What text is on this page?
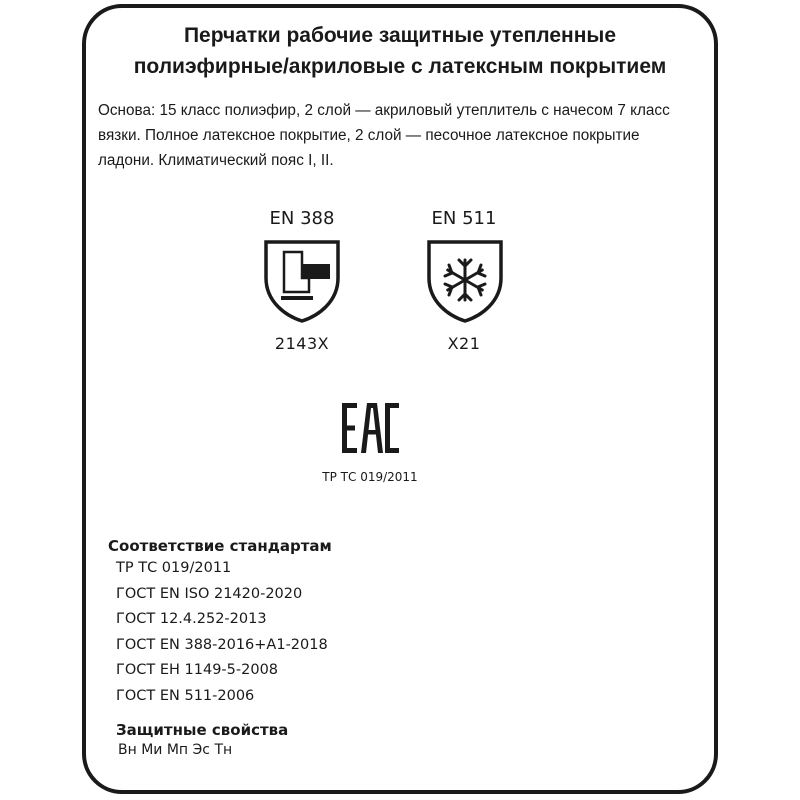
Перчатки рабочие защитные утепленные
полиэфирные/акриловые с латексным покрытием
Основа: 15 класс полиэфир, 2 слой — акриловый утеплитель с начесом 7 класс
вязки. Полное латексное покрытие, 2 слой — песочное латексное покрытие
ладони. Климатический пояс I, II.
EN 388
2143X
EN 511
X21
ТР ТС 019/2011
Соответствие стандартам
ТР ТС 019/2011
ГОСТ EN ISO 21420-2020
ГОСТ 12.4.252-2013
ГОСТ EN 388-2016+A1-2018
ГОСТ ЕН 1149-5-2008
ГОСТ EN 511-2006
Защитные свойства
Вн Ми Мп Эс Тн
